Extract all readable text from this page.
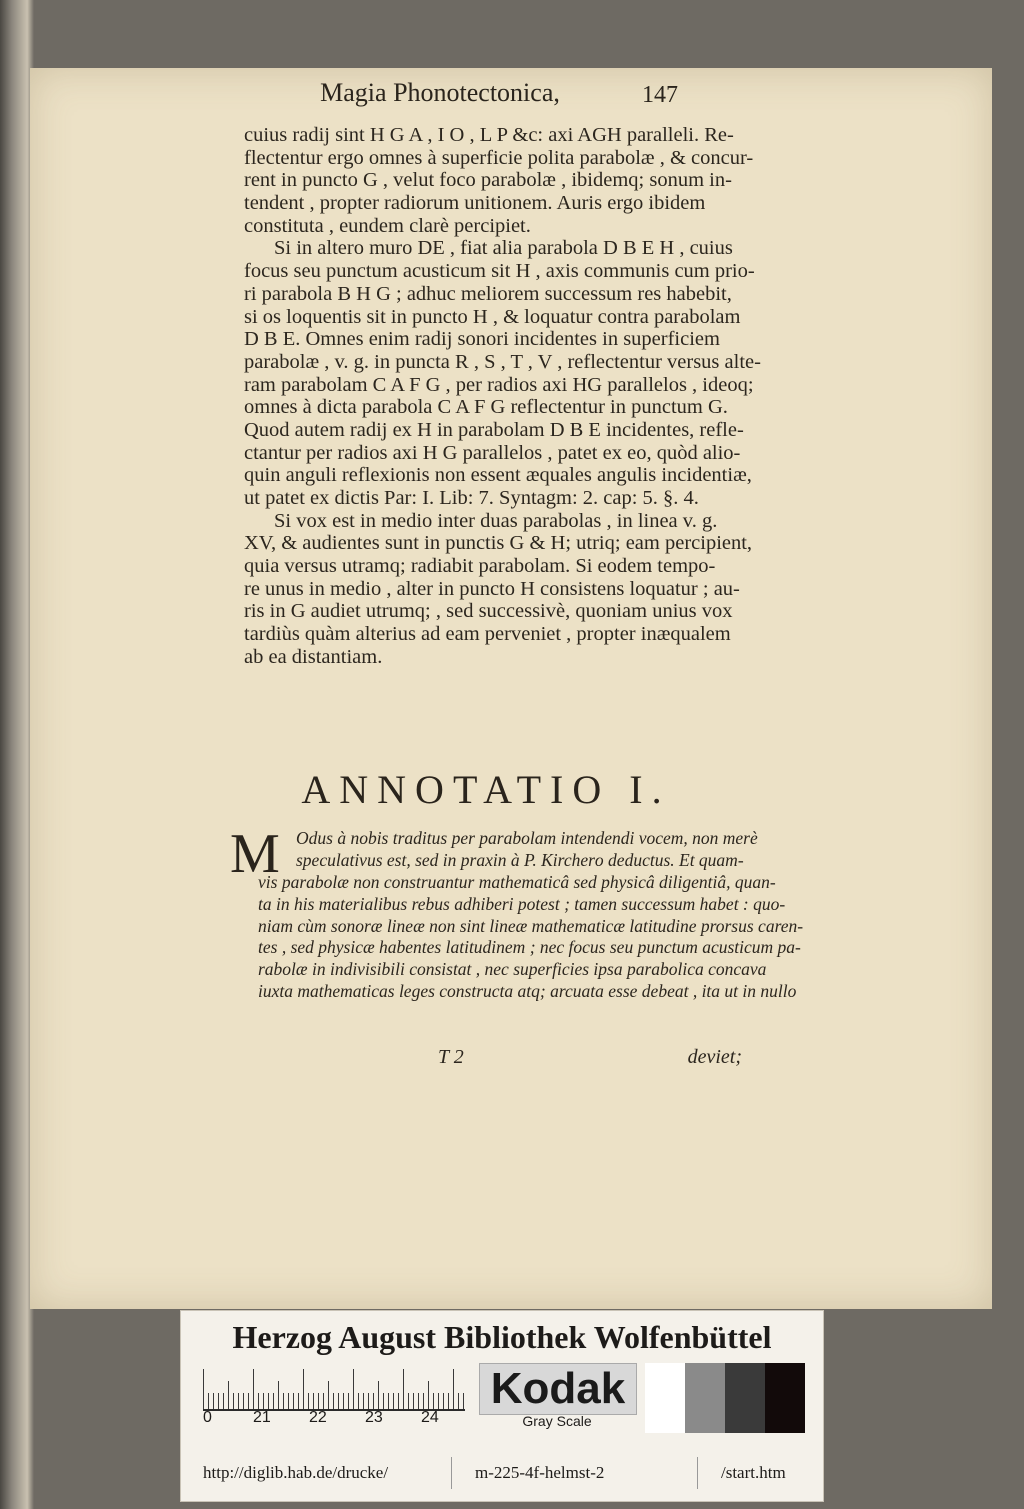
Magia Phonotectonica,	147
cuius radij sint H G A , I O , L P &c: axi AGH paralleli. Re-
flectentur ergo omnes à superficie polita parabolæ , & concur-
rent in puncto G , velut foco parabolæ , ibidemq; sonum in-
tendent , propter radiorum unitionem. Auris ergo ibidem
constituta , eundem clarè percipiet.
Si in altero muro DE , fiat alia parabola D B E H , cuius
focus seu punctum acusticum sit H , axis communis cum prio-
ri parabola B H G ; adhuc meliorem successum res habebit,
si os loquentis sit in puncto H , & loquatur contra parabolam
D B E. Omnes enim radij sonori incidentes in superficiem
parabolæ , v. g. in puncta R , S , T , V , reflectentur versus alte-
ram parabolam C A F G , per radios axi HG parallelos , ideoq;
omnes à dicta parabola C A F G reflectentur in punctum G.
Quod autem radij ex H in parabolam D B E incidentes, refle-
ctantur per radios axi H G parallelos , patet ex eo, quòd alio-
quin anguli reflexionis non essent æquales angulis incidentiæ,
ut patet ex dictis Par: I. Lib: 7. Syntagm: 2. cap: 5. §. 4.
Si vox est in medio inter duas parabolas , in linea v. g.
XV, & audientes sunt in punctis G & H; utriq; eam percipient,
quia versus utramq; radiabit parabolam. Si eodem tempo-
re unus in medio , alter in puncto H consistens loquatur ; au-
ris in G audiet utrumq; , sed successivè, quoniam unius vox
tardiùs quàm alterius ad eam perveniet , propter inæqualem
ab ea distantiam.
ANNOTATIO I.
M Odus à nobis traditus per parabolam intendendi vocem, non merè
speculativus est, sed in praxin à P. Kircherο deductus. Et quam-
vis parabolæ non construantur mathematicâ sed physicâ diligentiâ, quan-
ta in his materialibus rebus adhiberi potest ; tamen successum habet : quo-
niam cùm sonoræ lineæ non sint lineæ mathematicæ latitudine prorsus caren-
tes , sed physicæ habentes latitudinem ; nec focus seu punctum acusticum pa-
rabolæ in indivisibili consistat , nec superficies ipsa parabolica concava
iuxta mathematicas leges constructa atq; arcuata esse debeat , ita ut in nullo
T 2	deviet;
Herzog August Bibliothek Wolfenbüttel
0	21 22 23 24
Kodak
Gray Scale
http://diglib.hab.de/drucke/	m-225-4f-helmst-2	/start.htm
